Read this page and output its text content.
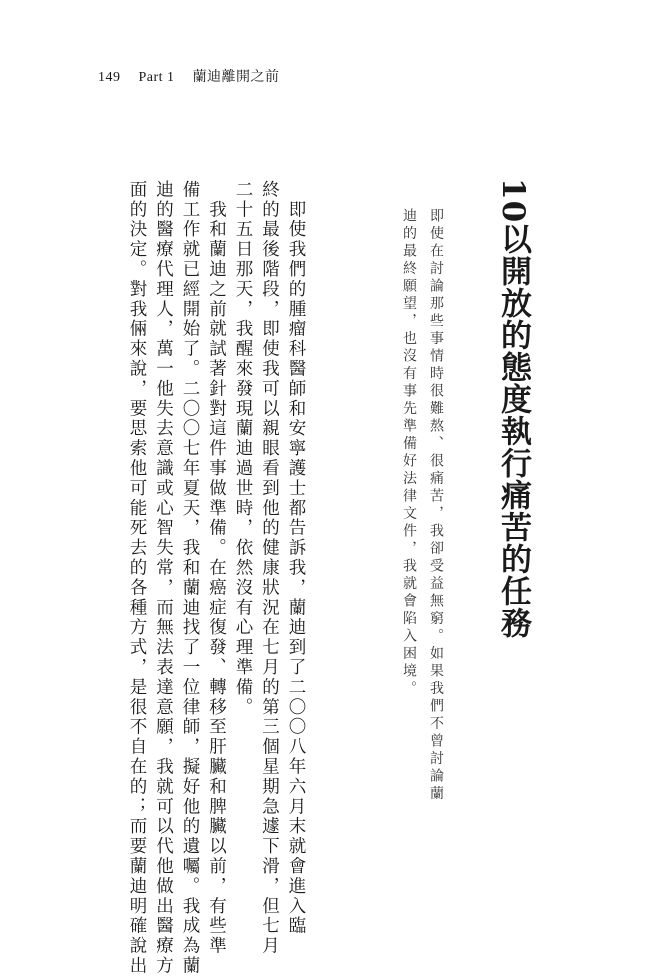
149 Part 1 蘭迪離開之前
10以開放的態度執行痛苦的任務

即使在討論那些事情時很難熬、很痛苦，我卻受益無窮。如果我們不曾討論蘭

迪的最終願望，也沒有事先準備好法律文件，我就會陷入困境。

　即使我們的腫瘤科醫師和安寧護士都告訴我，蘭迪到了二〇〇八年六月末就會進入臨

終的最後階段，即使我可以親眼看到他的健康狀況在七月的第三個星期急遽下滑，但七月

二十五日那天，我醒來發現蘭迪過世時，依然沒有心理準備。

　我和蘭迪之前就試著針對這件事做準備。在癌症復發、轉移至肝臟和脾臟以前，有些準

備工作就已經開始了。二〇〇七年夏天，我和蘭迪找了一位律師，擬好他的遺囑。我成為蘭

迪的醫療代理人，萬一他失去意識或心智失常，而無法表達意願，我就可以代他做出醫療方

面的決定。對我倆來說，要思索他可能死去的各種方式，是很不自在的；而要蘭迪明確說出
